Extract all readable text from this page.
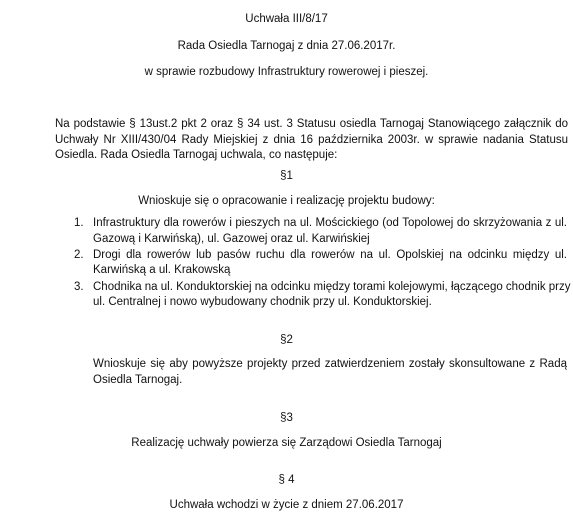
Uchwała III/8/17
Rada Osiedla Tarnogaj z dnia 27.06.2017r.
w sprawie rozbudowy Infrastruktury rowerowej i pieszej.
Na podstawie § 13ust.2 pkt 2 oraz § 34 ust. 3 Statusu osiedla Tarnogaj Stanowiącego załącznik do
Uchwały Nr XIII/430/04 Rady Miejskiej z dnia 16 października 2003r. w sprawie nadania Statusu
Osiedla. Rada Osiedla Tarnogaj uchwala, co następuje:
§1
Wnioskuje się o opracowanie i realizację projektu budowy:
1. Infrastruktury dla rowerów i pieszych na ul. Mościckiego (od Topolowej do skrzyżowania z ul.
Gazową i Karwińską), ul. Gazowej oraz ul. Karwińskiej
2. Drogi dla rowerów lub pasów ruchu dla rowerów na ul. Opolskiej na odcinku między ul.
Karwińską a ul. Krakowską
3. Chodnika na ul. Konduktorskiej na odcinku między torami kolejowymi, łączącego chodnik przy
ul. Centralnej i nowo wybudowany chodnik przy ul. Konduktorskiej.
§2
Wnioskuje się aby powyższe projekty przed zatwierdzeniem zostały skonsultowane z Radą
Osiedla Tarnogaj.
§3
Realizację uchwały powierza się Zarządowi Osiedla Tarnogaj
§ 4
Uchwała wchodzi w życie z dniem 27.06.2017
